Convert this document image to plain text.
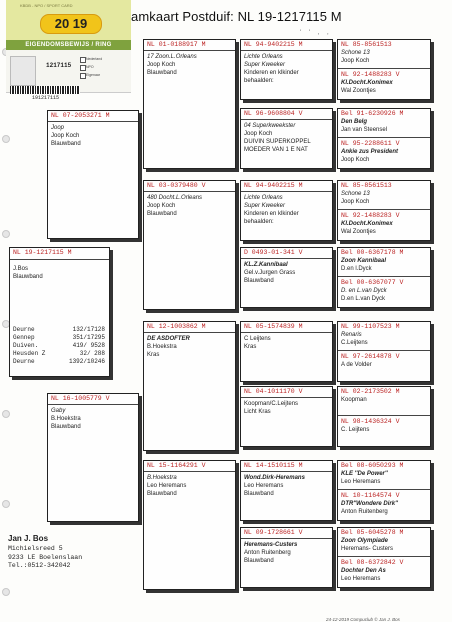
KBDB - NPO / SPORT CARD
20 19
EIGENDOMSBEWIJS / RING
1217115
Nederland
NPO
Eigenaar
191217115
amkaart Postduif: NL 19-1217115 M
' ' , ,
NL 19-1217115 M
J.Bos
Blauwband
Deurne	132/17128
Gennep	351/17295
Duiven.	419/ 9528
Heusden Z	32/ 288
Deurne	1392/10246
NL 07-2053271 M
Joop
Joop Koch
Blauwband
NL 16-1005779 V
Gaby
B.Hoekstra
Blauwband
NL 01-0188917 M
17 Zoon.L.Orleans
Joop Koch
Blauwband
NL 03-0379480 V
480 Docht.L.Orleans
Joop Koch
Blauwband
NL 12-1003862 M
DE ASDOFTER
B.Hoekstra
Kras
NL 15-1164291 V
B.Hoekstra
Leo Heremans
Blauwband
NL 94-9402215 M
Lichte Orleans
Super Kweeker
Kinderen en klkinder
behaalden:
NL 96-9608804 V
04 Superkweekster
Joop Koch
DUIVIN SUPERKOPPEL
MOEDER VAN 1 E NAT
NL 94-9402215 M
Lichte Orleans
Super Kweeker
Kinderen en klkinder
behaalden:
D 0493-01-341 V
KL.Z.Kannibaal
Gel.v.Jurgen Grass
Blauwband
NL 05-1574839 M
C Leijtens
Kras
NL 04-1011170 V
Koopman/C.Leijtens
Licht Kras
NL 14-1510115 M
Wond.Dirk-Heremans
Leo Heremans
Blauwband
NL 09-1728661 V
Heremans-Custers
Anton Ruitenberg
Blauwband
NL 85-8561513
Schone 13
Joop Koch
NL 92-1488283 V
Kl.Docht.Konimex
Wal Zoontjes
Bel 91-6230926 M
Den Belg
Jan van Steensel
NL 95-2288611 V
Ankie zus President
Joop Koch
NL 85-8561513
Schone 13
Joop Koch
NL 92-1488283 V
Kl.Docht.Konimex
Wal Zoontjes
Bel 00-6367178 M
Zoon Kannibaal
D.en l.Dyck
Bel 00-6367077 V
D. en L.van Dyck
D.en L.van Dyck
NL 99-1107523 M
Renaris
C.Leijtens
NL 97-2614878 V
A de Volder
NL 02-2173502 M
Koopman
NL 98-1436324 V
C. Leijtens
Bel 08-6050293 M
KLE ''De Power''
Leo Heremans
NL 10-1164574 V
DTR''Wondere Dirk''
Anton Ruitenberg
Bel 05-6045278 M
Zoon Olympiade
Heremans- Custers
Bel 08-6372842 V
Dochter Den As
Leo Heremans
Jan J. Bos
Michielsreed 5
9233 LE Boelenslaan
Tel.:0512-342042
24-12-2019 Compuclub © Jan J. Bos
